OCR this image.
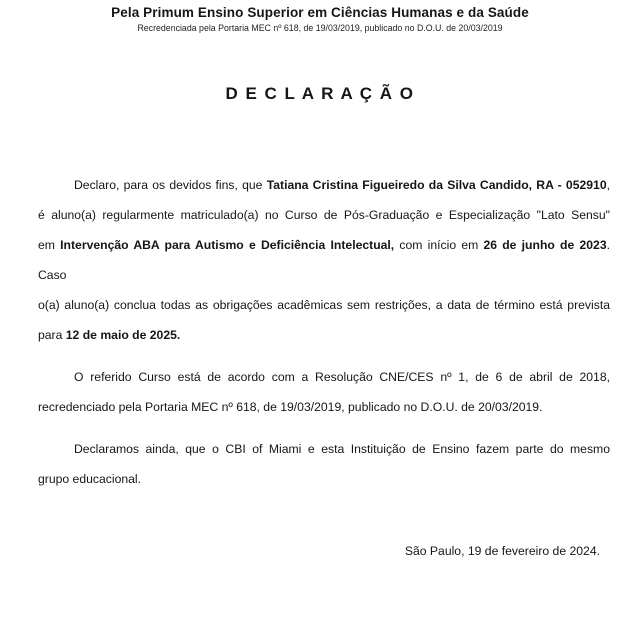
Pela Primum Ensino Superior em Ciências Humanas e da Saúde
Recredenciada pela Portaria MEC nº 618, de 19/03/2019, publicado no D.O.U. de 20/03/2019
D E C L A R A Ç Ã O
Declaro, para os devidos fins, que Tatiana Cristina Figueiredo da Silva Candido, RA - 052910,
é aluno(a) regularmente matriculado(a) no Curso de Pós-Graduação e Especialização "Lato Sensu"
em Intervenção ABA para Autismo e Deficiência Intelectual, com início em 26 de junho de 2023. Caso
o(a) aluno(a) conclua todas as obrigações acadêmicas sem restrições, a data de término está prevista
para 12 de maio de 2025.
O referido Curso está de acordo com a Resolução CNE/CES nº 1, de 6 de abril de 2018,
recredenciado pela Portaria MEC nº 618, de 19/03/2019, publicado no D.O.U. de 20/03/2019.
Declaramos ainda, que o CBI of Miami e esta Instituição de Ensino fazem parte do mesmo
grupo educacional.
São Paulo, 19 de fevereiro de 2024.
